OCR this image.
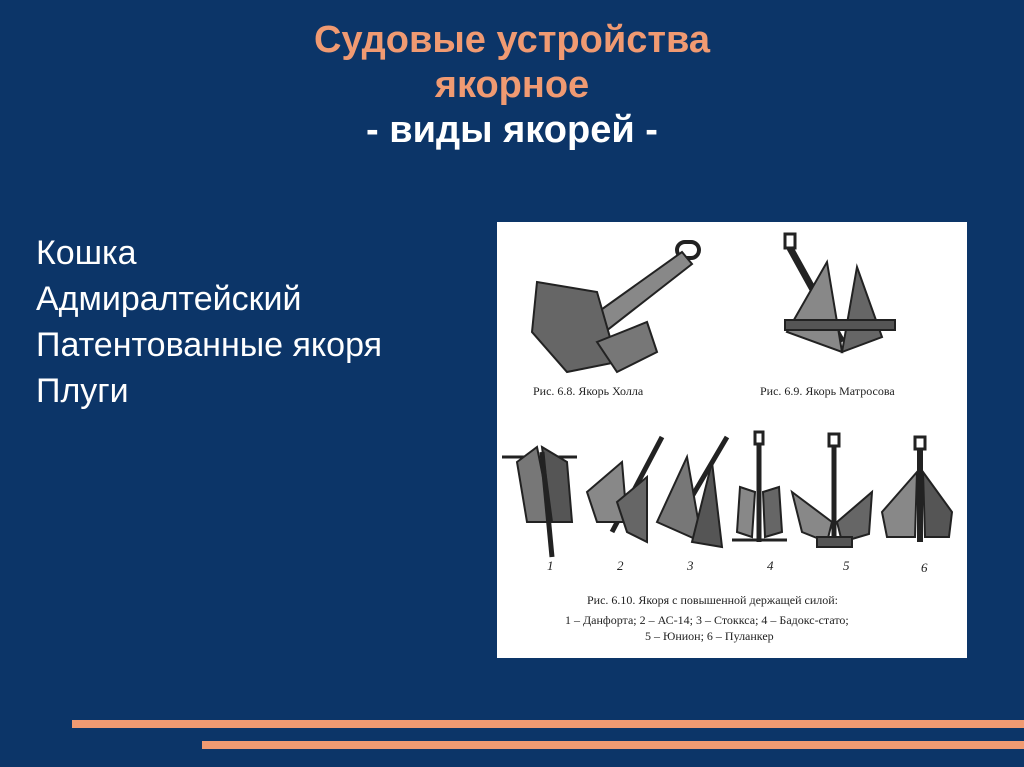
Судовые устройства
якорное
- виды якорей -
Кошка
Адмиралтейский
Патентованные якоря
Плуги	Рис. 6.8. Якорь Холла	Рис. 6.9. Якорь Матросова
1	2	3	4	5	6
Рис. 6.10. Якоря с повышенной держащей силой:
1 – Данфорта; 2 – АС-14; 3 – Стоккса; 4 – Бадокс-стато;
5 – Юнион; 6 – Пуланкер
